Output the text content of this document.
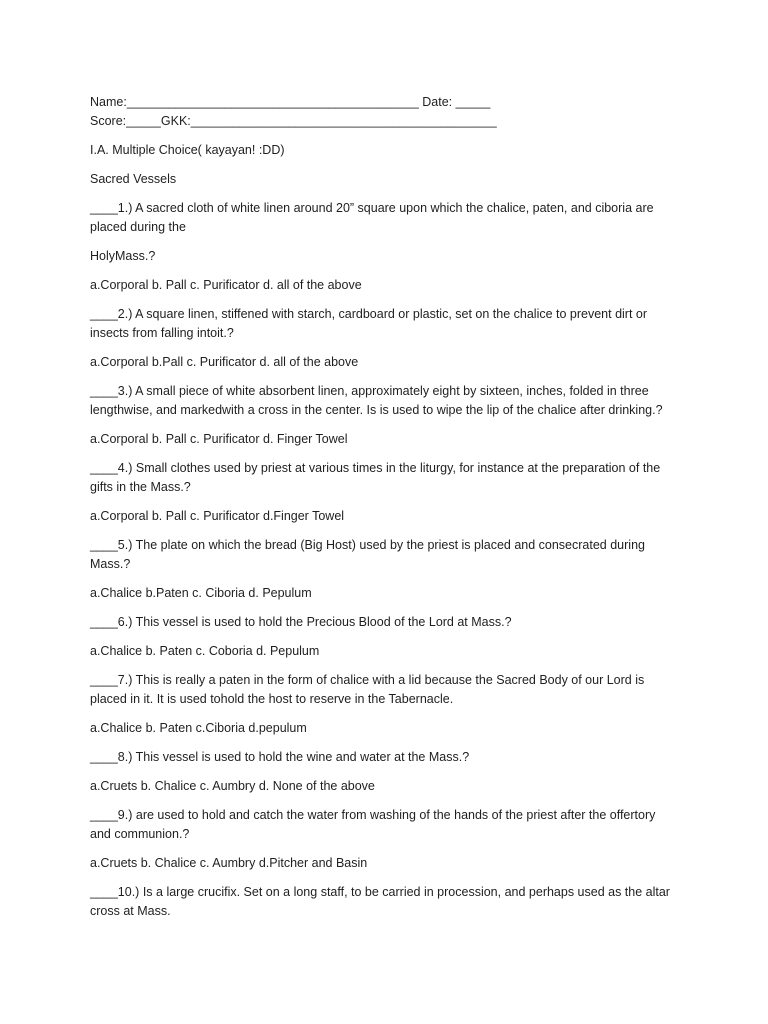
Name:__________________________________________ Date: _____

Score:_____GKK:____________________________________________

I.A. Multiple Choice( kayayan! :DD)

Sacred Vessels

____1.) A sacred cloth of white linen around 20” square upon which the chalice, paten, and ciboria are

placed during the

HolyMass.?

a.Corporal b. Pall c. Purificator d. all of the above

____2.) A square linen, stiffened with starch, cardboard or plastic, set on the chalice to prevent dirt or

insects from falling intoit.?

a.Corporal b.Pall c. Purificator d. all of the above

____3.) A small piece of white absorbent linen, approximately eight by sixteen, inches, folded in three

lengthwise, and markedwith a cross in the center. Is is used to wipe the lip of the chalice after drinking.?

a.Corporal b. Pall c. Purificator d. Finger Towel

____4.) Small clothes used by priest at various times in the liturgy, for instance at the preparation of the

gifts in the Mass.?

a.Corporal b. Pall c. Purificator d.Finger Towel

____5.) The plate on which the bread (Big Host) used by the priest is placed and consecrated during

Mass.?

a.Chalice b.Paten c. Ciboria d. Pepulum

____6.) This vessel is used to hold the Precious Blood of the Lord at Mass.?

a.Chalice b. Paten c. Coboria d. Pepulum

____7.) This is really a paten in the form of chalice with a lid because the Sacred Body of our Lord is

placed in it. It is used tohold the host to reserve in the Tabernacle.

a.Chalice b. Paten c.Ciboria d.pepulum

____8.) This vessel is used to hold the wine and water at the Mass.?

a.Cruets b. Chalice c. Aumbry d. None of the above

____9.) are used to hold and catch the water from washing of the hands of the priest after the offertory

and communion.?

a.Cruets b. Chalice c. Aumbry d.Pitcher and Basin

____10.) Is a large crucifix. Set on a long staff, to be carried in procession, and perhaps used as the altar

cross at Mass.
